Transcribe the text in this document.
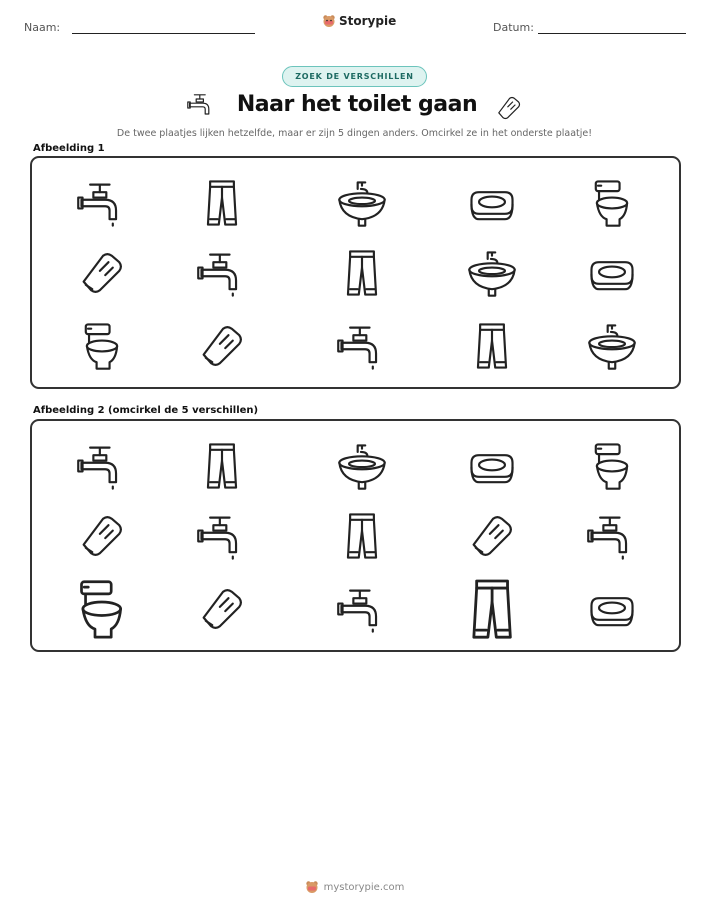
Naam:	Storypie	Datum:
ZOEK DE VERSCHILLEN
Naar het toilet gaan
De twee plaatjes lijken hetzelfde, maar er zijn 5 dingen anders. Omcirkel ze in het onderste plaatje!
Afbeelding 1
Afbeelding 2 (omcirkel de 5 verschillen)
mystorypie.com
